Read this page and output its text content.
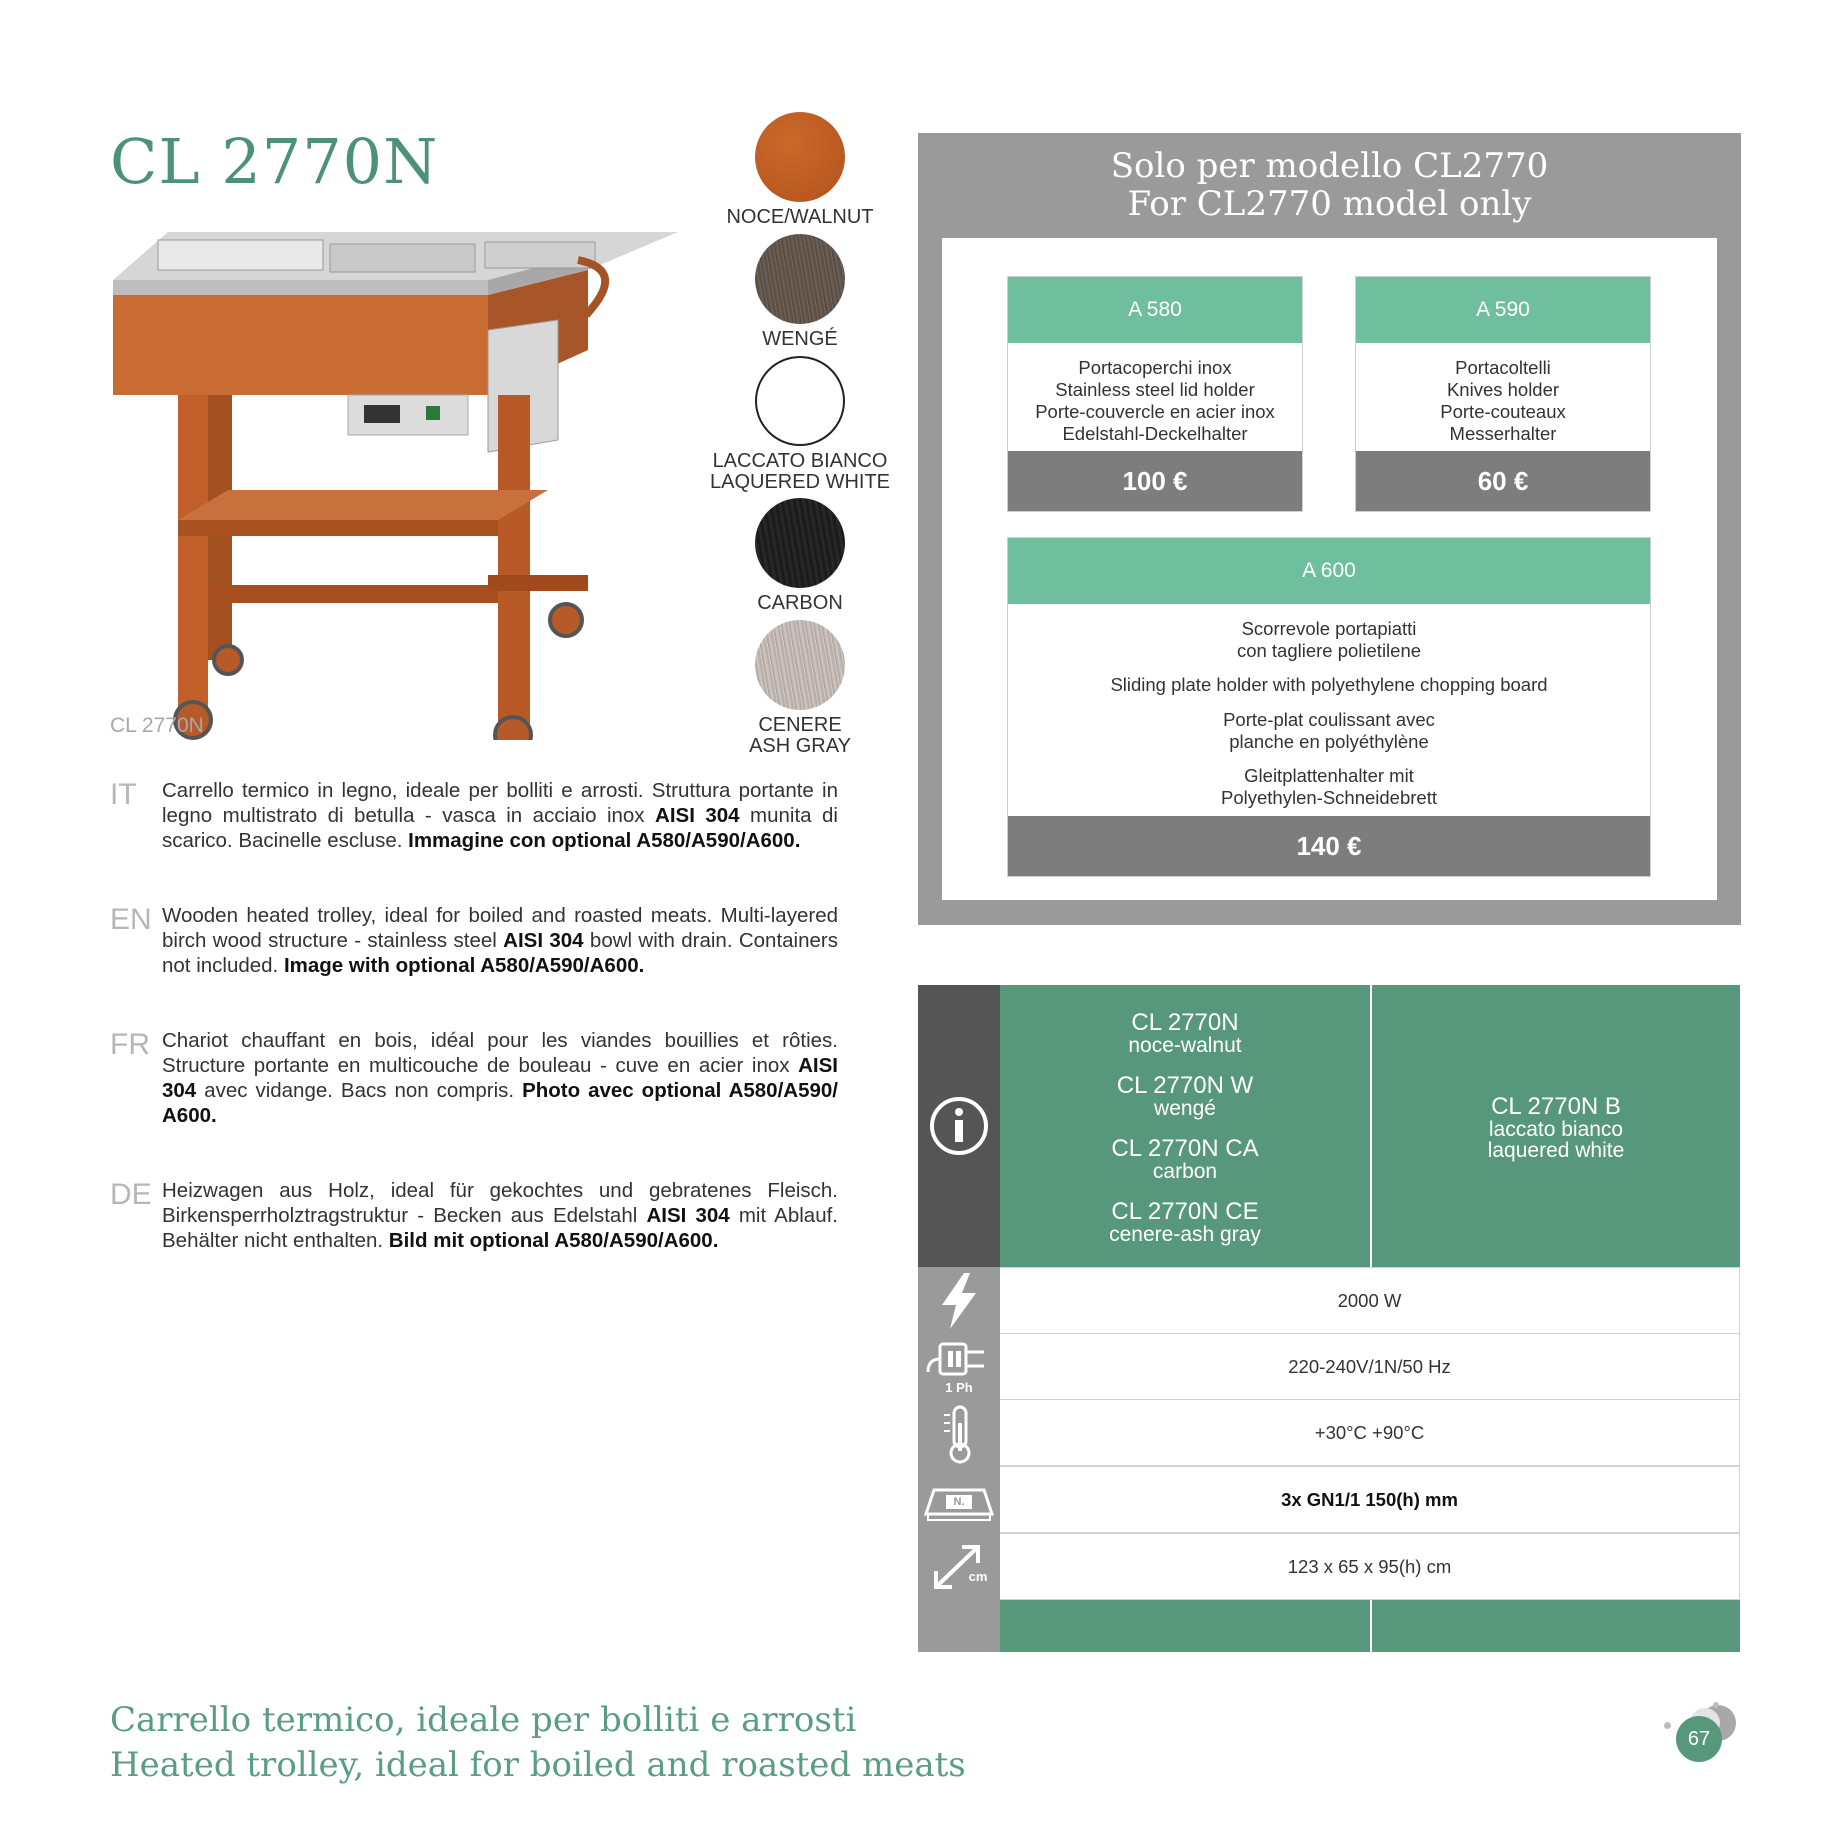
CL 2770N
CL 2770N
NOCE/WALNUT
WENGÉ
LACCATO BIANCO
LAQUERED WHITE
CARBON
CENERE
ASH GRAY
IT Carrello termico in legno, ideale per bolliti e arrosti. Struttura portante in legno multistrato di betulla - vasca in acciaio inox AISI 304 munita di scarico. Bacinelle escluse. Immagine con optional A580/A590/A600.
EN Wooden heated trolley, ideal for boiled and roasted meats. Multi-layered birch wood structure - stainless steel AISI 304 bowl with drain. Containers not included. Image with optional A580/A590/A600.
FR Chariot chauffant en bois, idéal pour les viandes bouillies et rôties. Structure portante en multicouche de bouleau - cuve en acier inox AISI 304 avec vidange. Bacs non compris. Photo avec optional A580/A590/ A600.
DE Heizwagen aus Holz, ideal für gekochtes und gebratenes Fleisch. Birkensperrholztragstruktur - Becken aus Edelstahl AISI 304 mit Ablauf. Behälter nicht enthalten. Bild mit optional A580/A590/A600.
Solo per modello CL2770
For CL2770 model only
A 580
Portacoperchi inox
Stainless steel lid holder
Porte-couvercle en acier inox
Edelstahl-Deckelhalter
100 €
A 590
Portacoltelli
Knives holder
Porte-couteaux
Messerhalter
60 €
A 600
Scorrevole portapiatti
con tagliere polietilene
Sliding plate holder with polyethylene chopping board
Porte-plat coulissant avec
planche en polyéthylène
Gleitplattenhalter mit
Polyethylen-Schneidebrett
140 €
1 Ph
N.
cm
CL 2770N
noce-walnut
CL 2770N W
wengé
CL 2770N CA
carbon
CL 2770N CE
cenere-ash gray
CL 2770N B
laccato bianco
laquered white
2000 W
220-240V/1N/50 Hz
+30°C +90°C
3x GN1/1 150(h) mm
123 x 65 x 95(h) cm
Carrello termico, ideale per bolliti e arrosti
Heated trolley, ideal for boiled and roasted meats
67
